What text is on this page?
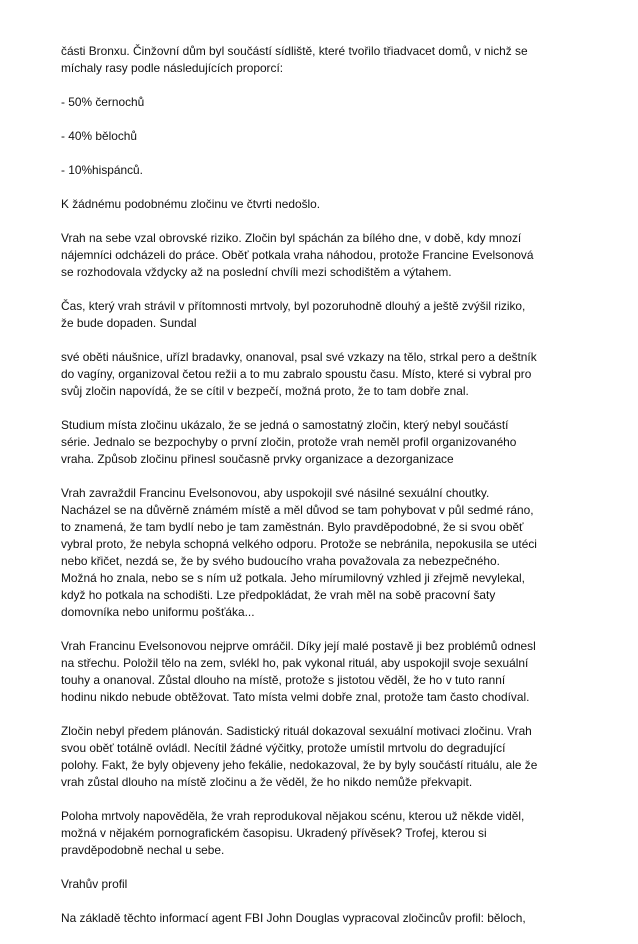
části Bronxu. Činžovní dům byl součástí sídliště, které tvořilo třiadvacet domů, v nichž se
míchaly rasy podle následujících proporcí:

- 50% černochů

- 40% bělochů

- 10%hispánců.

K žádnému podobnému zločinu ve čtvrti nedošlo.

Vrah na sebe vzal obrovské riziko. Zločin byl spáchán za bílého dne, v době, kdy mnozí
nájemníci odcházeli do práce. Oběť potkala vraha náhodou, protože Francine Evelsonová
se rozhodovala vždycky až na poslední chvíli mezi schodištěm a výtahem.

Čas, který vrah strávil v přítomnosti mrtvoly, byl pozoruhodně dlouhý a ještě zvýšil riziko,
že bude dopaden. Sundal

své oběti náušnice, uřízl bradavky, onanoval, psal své vzkazy na tělo, strkal pero a deštník
do vagíny, organizoval četou režii a to mu zabralo spoustu času. Místo, které si vybral pro
svůj zločin napovídá, že se cítil v bezpečí, možná proto, že to tam dobře znal.

Studium místa zločinu ukázalo, že se jedná o samostatný zločin, který nebyl součástí
série. Jednalo se bezpochyby o první zločin, protože vrah neměl profil organizovaného
vraha. Způsob zločinu přinesl současně prvky organizace a dezorganizace

Vrah zavraždil Francinu Evelsonovou, aby uspokojil své násilné sexuální choutky.
Nacházel se na důvěrně známém místě a měl důvod se tam pohybovat v půl sedmé ráno,
to znamená, že tam bydlí nebo je tam zaměstnán. Bylo pravděpodobné, že si svou oběť
vybral proto, že nebyla schopná velkého odporu. Protože se nebránila, nepokusila se utéci
nebo křičet, nezdá se, že by svého budoucího vraha považovala za nebezpečného.
Možná ho znala, nebo se s ním už potkala. Jeho mírumilovný vzhled ji zřejmě nevylekal,
když ho potkala na schodišti. Lze předpokládat, že vrah měl na sobě pracovní šaty
domovníka nebo uniformu pošťáka...

Vrah Francinu Evelsonovou nejprve omráčil. Díky její malé postavě ji bez problémů odnesl
na střechu. Položil tělo na zem, svlékl ho, pak vykonal rituál, aby uspokojil svoje sexuální
touhy a onanoval. Zůstal dlouho na místě, protože s jistotou věděl, že ho v tuto ranní
hodinu nikdo nebude obtěžovat. Tato místa velmi dobře znal, protože tam často chodíval.

Zločin nebyl předem plánován. Sadistický rituál dokazoval sexuální motivaci zločinu. Vrah
svou oběť totálně ovládl. Necítil žádné výčitky, protože umístil mrtvolu do degradující
polohy. Fakt, že byly objeveny jeho fekálie, nedokazoval, že by byly součástí rituálu, ale že
vrah zůstal dlouho na místě zločinu a že věděl, že ho nikdo nemůže překvapit.

Poloha mrtvoly napověděla, že vrah reprodukoval nějakou scénu, kterou už někde viděl,
možná v nějakém pornografickém časopisu. Ukradený přívěsek? Trofej, kterou si
pravděpodobně nechal u sebe.

Vrahův profil

Na základě těchto informací agent FBI John Douglas vypracoval zločincův profil: běloch,
